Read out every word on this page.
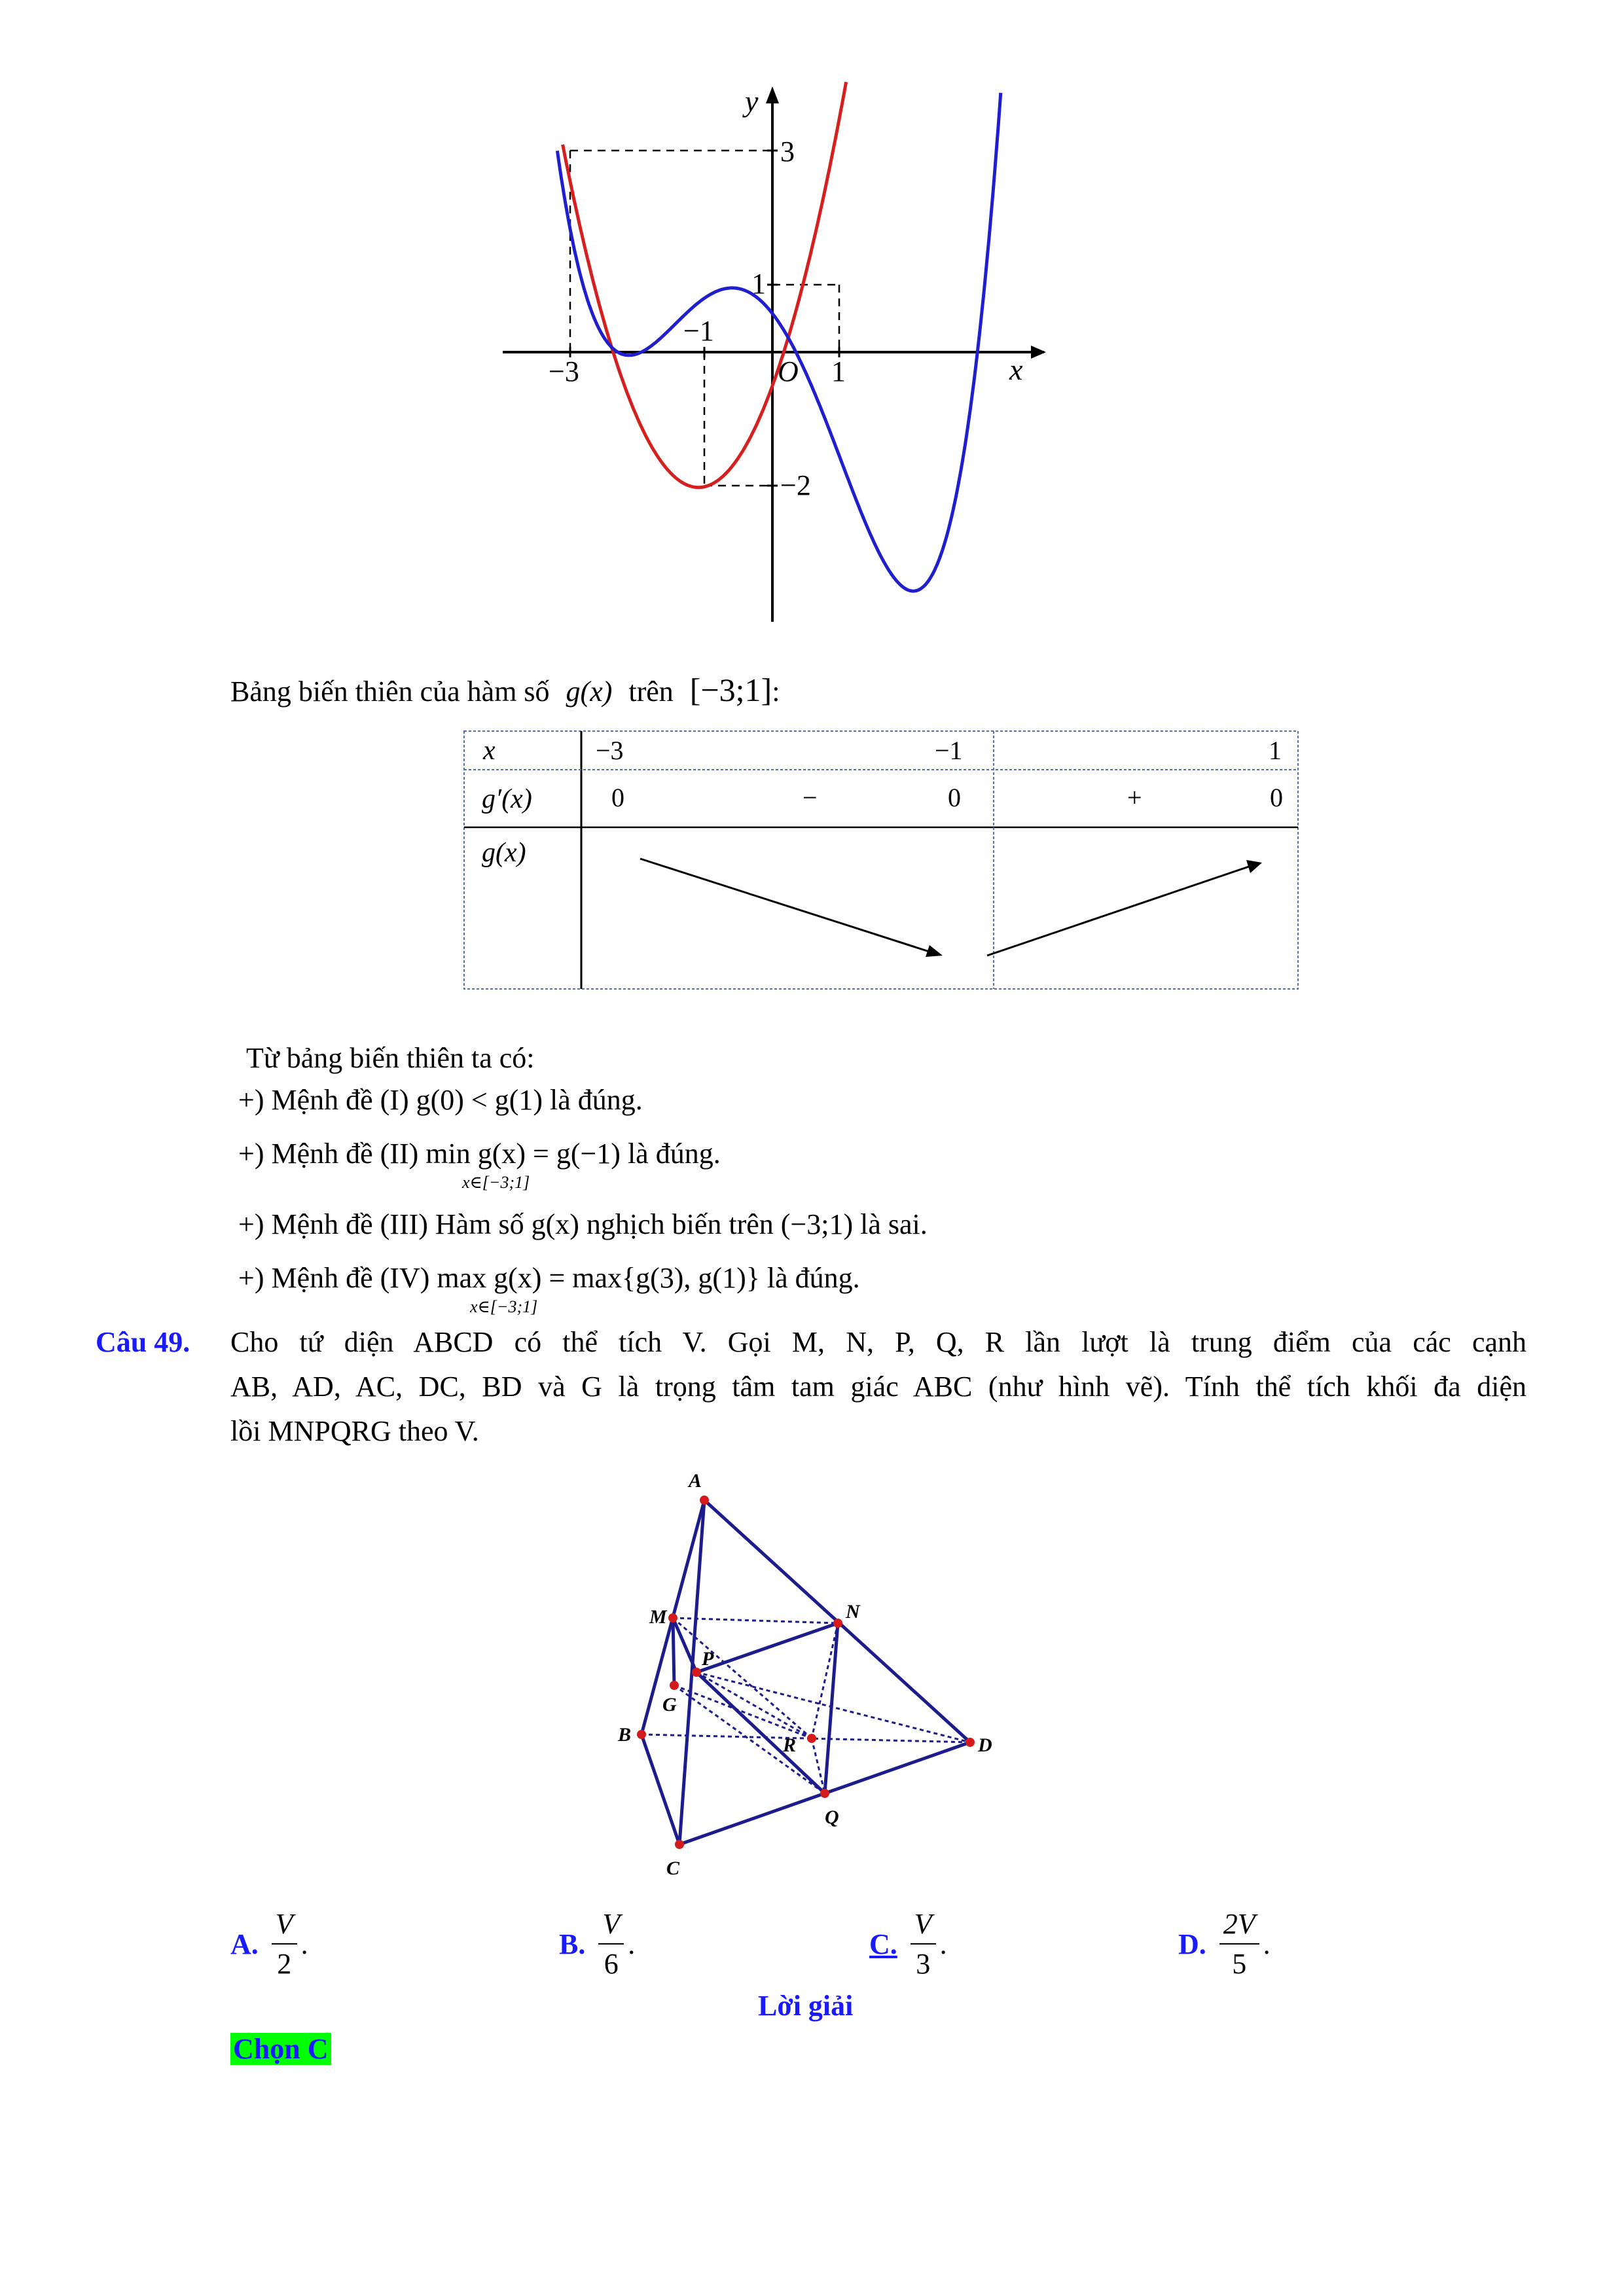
y
x
O
−3
−1
1
3
1
−2
Bảng biến thiên của hàm số g(x) trên [−3;1]:
x	−3	−1	1
g′(x)	0	−	0	+	0
g(x)
Từ bảng biến thiên ta có:
+) Mệnh đề (I) g(0) < g(1) là đúng.
+) Mệnh đề (II) min g(x) = g(−1) là đúng.
x∈[−3;1]
+) Mệnh đề (III) Hàm số g(x) nghịch biến trên (−3;1) là sai.
+) Mệnh đề (IV) max g(x) = max{g(3), g(1)} là đúng.
x∈[−3;1]
Câu 49. Cho tứ diện ABCD có thể tích V. Gọi M, N, P, Q, R lần lượt là trung điểm của các cạnh
AB, AD, AC, DC, BD và G là trọng tâm tam giác ABC (như hình vẽ). Tính thể tích khối đa diện
lồi MNPQRG theo V.
A
M	N
P
G
B	R	D
Q
C
A. $\frac{V}{2}$ .	B. $\frac{V}{6}$ .	C. $\frac{V}{3}$ .	D. $\frac{2V}{5}$ .
Lời giải
Chọn C
